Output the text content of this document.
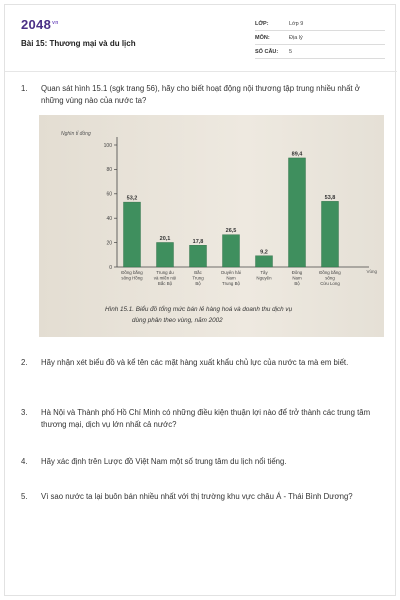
$2048^{vn}$
Bài 15: Thương mại và du lịch
LỚP:	Lớp 9
MÔN:	Địa lý
SỐ CÂU:	5
1.	Quan sát hình 15.1 (sgk trang 56), hãy cho biết hoạt động nội thương tập trung nhiều nhất ở những vùng nào của nước ta?
0
20
40
60
80
100
53,2
Đồng bằng
sông Hồng
20,1
Trung du
và miền núi
Bắc Bộ
17,8
Bắc
Trung
Bộ
26,5
Duyên hải
Nam
Trung Bộ
9,2
Tây
Nguyên
89,4
Đông
Nam
Bộ
53,8
Đồng bằng
sông
Cửu Long
Nghìn tỉ đồng
Vùng
Hình 15.1. Biểu đồ tổng mức bán lẻ hàng hoá và doanh thu dịch vụ
dùng phân theo vùng, năm 2002
2.	Hãy nhận xét biểu đồ và kể tên các mặt hàng xuất khẩu chủ lực của nước ta mà em biết.
3.	Hà Nội và Thành phố Hồ Chí Minh có những điều kiện thuận lợi nào để trở thành các trung tâm thương mại, dịch vụ lớn nhất cả nước?
4.	Hãy xác định trên Lược đồ Việt Nam một số trung tâm du lịch nổi tiếng.
5.	Vì sao nước ta lại buôn bán nhiều nhất với thị trường khu vực châu Á - Thái Bình Dương?
